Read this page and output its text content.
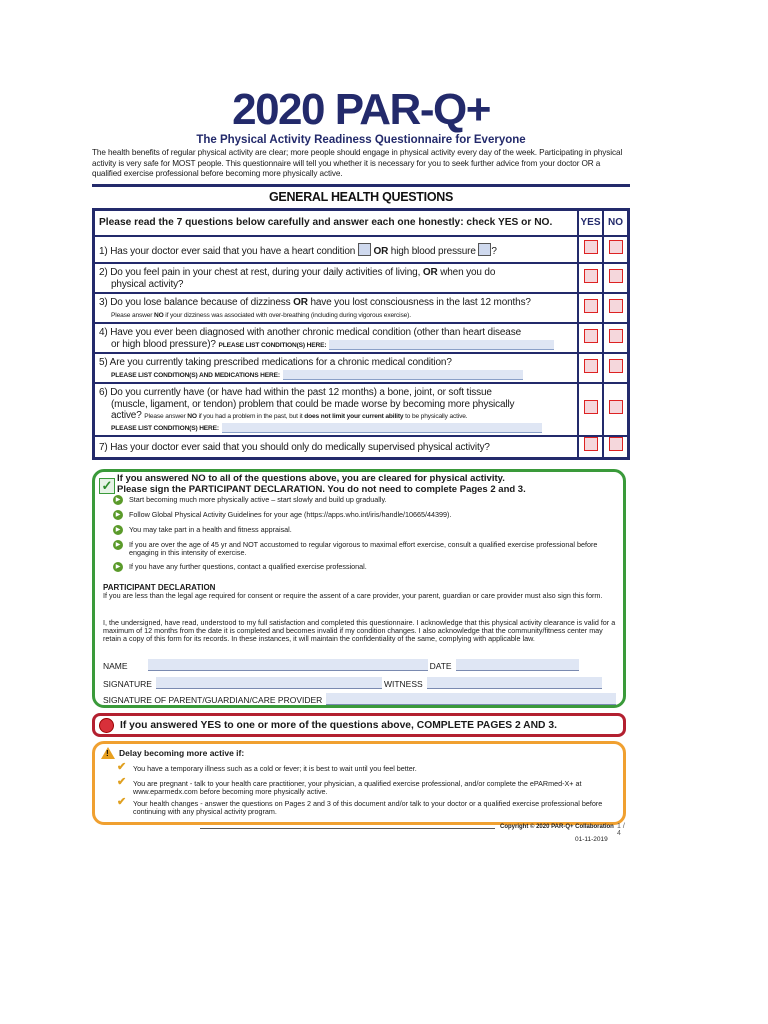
2020 PAR-Q+
The Physical Activity Readiness Questionnaire for Everyone
The health benefits of regular physical activity are clear; more people should engage in physical activity every day of the week. Participating in physical activity is very safe for MOST people. This questionnaire will tell you whether it is necessary for you to seek further advice from your doctor OR a qualified exercise professional before becoming more physically active.
GENERAL HEALTH QUESTIONS
Please read the 7 questions below carefully and answer each one honestly: check YES or NO.	YES	NO
1) Has your doctor ever said that you have a heart condition OR high blood pressure ?		
2) Do you feel pain in your chest at rest, during your daily activities of living, OR when you do
physical activity?		
3) Do you lose balance because of dizziness OR have you lost consciousness in the last 12 months?
Please answer NO if your dizziness was associated with over-breathing (including during vigorous exercise).		
4) Have you ever been diagnosed with another chronic medical condition (other than heart disease
or high blood pressure)? PLEASE LIST CONDITION(S) HERE:		
5) Are you currently taking prescribed medications for a chronic medical condition?
PLEASE LIST CONDITION(S) AND MEDICATIONS HERE:		
6) Do you currently have (or have had within the past 12 months) a bone, joint, or soft tissue
(muscle, ligament, or tendon) problem that could be made worse by becoming more physically
active? Please answer NO if you had a problem in the past, but it does not limit your current ability to be physically active.
PLEASE LIST CONDITION(S) HERE:		
7) Has your doctor ever said that you should only do medically supervised physical activity?		
✓ If you answered NO to all of the questions above, you are cleared for physical activity.
Please sign the PARTICIPANT DECLARATION. You do not need to complete Pages 2 and 3.
▶	Start becoming much more physically active – start slowly and build up gradually.
▶	Follow Global Physical Activity Guidelines for your age (https://apps.who.int/iris/handle/10665/44399).
▶	You may take part in a health and fitness appraisal.
▶	If you are over the age of 45 yr and NOT accustomed to regular vigorous to maximal effort exercise, consult a qualified exercise professional before engaging in this intensity of exercise.
▶	If you have any further questions, contact a qualified exercise professional.
PARTICIPANT DECLARATION
If you are less than the legal age required for consent or require the assent of a care provider, your parent, guardian or care provider must also sign this form.
I, the undersigned, have read, understood to my full satisfaction and completed this questionnaire. I acknowledge that this physical activity clearance is valid for a maximum of 12 months from the date it is completed and becomes invalid if my condition changes. I also acknowledge that the community/fitness center may retain a copy of this form for its records. In these instances, it will maintain the confidentiality of the same, complying with applicable law.
NAME	DATE
SIGNATURE	WITNESS
SIGNATURE OF PARENT/GUARDIAN/CARE PROVIDER
If you answered YES to one or more of the questions above, COMPLETE PAGES 2 AND 3.
!
Delay becoming more active if:
✔ You have a temporary illness such as a cold or fever; it is best to wait until you feel better.
✔ You are pregnant - talk to your health care practitioner, your physician, a qualified exercise professional, and/or complete the ePARmed-X+ at www.eparmedx.com before becoming more physically active.
✔ Your health changes - answer the questions on Pages 2 and 3 of this document and/or talk to your doctor or a qualified exercise professional before continuing with any physical activity program.
Copyright © 2020 PAR-Q+ Collaboration 1 / 4
01-11-2019
